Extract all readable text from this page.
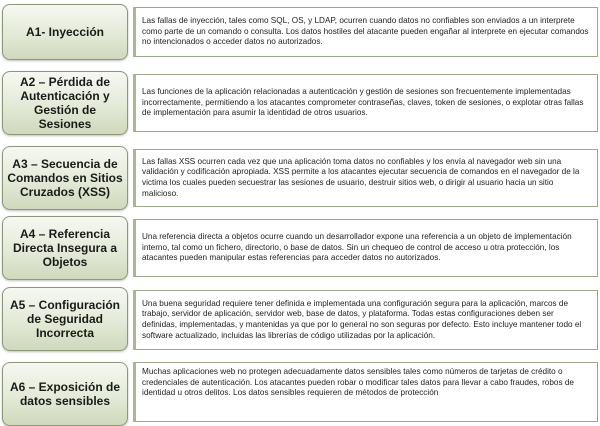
A1- Inyección
Las fallas de inyección, tales como SQL, OS, y LDAP, ocurren cuando datos no confiables son enviados a un interprete como parte de un comando o consulta. Los datos hostiles del atacante pueden engañar al interprete en ejecutar comandos no intencionados o acceder datos no autorizados.
A2 – Pérdida de Autenticación y Gestión de Sesiones
Las funciones de la aplicación relacionadas a autenticación y gestión de sesiones son frecuentemente implementadas incorrectamente, permitiendo a los atacantes comprometer contraseñas, claves, token de sesiones, o explotar otras fallas de implementación para asumir la identidad de otros usuarios.
A3 – Secuencia de Comandos en Sitios Cruzados (XSS)
Las fallas XSS ocurren cada vez que una aplicación toma datos no confiables y los envía al navegador web sin una validación y codificación apropiada. XSS permite a los atacantes ejecutar secuencia de comandos en el navegador de la victima los cuales pueden secuestrar las sesiones de usuario, destruir sitios web, o dirigir al usuario hacia un sitio malicioso.
A4 – Referencia Directa Insegura a Objetos
Una referencia directa a objetos ocurre cuando un desarrollador expone una referencia a un objeto de implementación interno, tal como un fichero, directorio, o base de datos. Sin un chequeo de control de acceso u otra protección, los atacantes pueden manipular estas referencias para acceder datos no autorizados.
A5 – Configuración de Seguridad Incorrecta
Una buena seguridad requiere tener definida e implementada una configuración segura para la aplicación, marcos de trabajo, servidor de aplicación, servidor web, base de datos, y plataforma. Todas estas configuraciones deben ser definidas, implementadas, y mantenidas ya que por lo general no son seguras por defecto. Esto incluye mantener todo el software actualizado, incluidas las librerías de código utilizadas por la aplicación.
A6 – Exposición de datos sensibles
Muchas aplicaciones web no protegen adecuadamente datos sensibles tales como números de tarjetas de crédito o credenciales de autenticación. Los atacantes pueden robar o modificar tales datos para llevar a cabo fraudes, robos de identidad u otros delitos. Los datos sensibles requieren de métodos de protección
